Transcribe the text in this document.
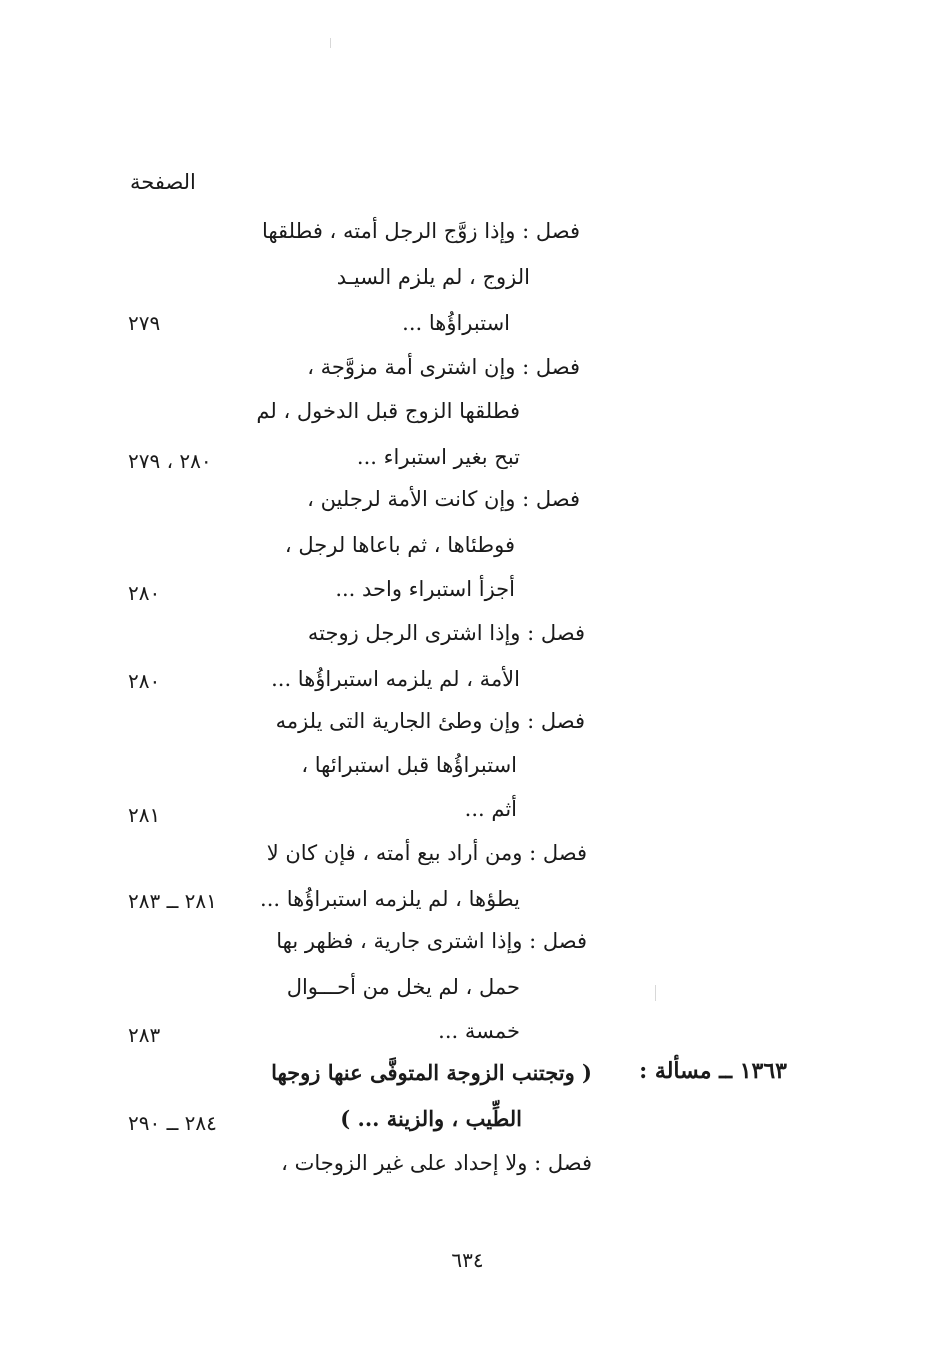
الصفحة
فصل : وإذا زوَّج الرجل أمته ، فطلقها
الزوج ، لم يلزم السيـد
استبراؤُها ...
٢٧٩
فصل : وإن اشترى أمة مزوَّجة ،
فطلقها الزوج قبل الدخول ، لم
تبح بغير استبراء ...
٢٨٠ ، ٢٧٩
فصل : وإن كانت الأمة لرجلين ،
فوطئاها ، ثم باعاها لرجل ،
أجزأ استبراء واحد ...
٢٨٠
فصل : وإذا اشترى الرجل زوجته
الأمة ، لم يلزمه استبراؤُها ...
٢٨٠
فصل : وإن وطئ الجارية التى يلزمه
استبراؤُها قبل استبرائها ،
أثم ...
٢٨١
فصل : ومن أراد بيع أمته ، فإن كان لا
يطؤها ، لم يلزمه استبراؤُها ...
٢٨١ ــ ٢٨٣
فصل : وإذا اشترى جارية ، فظهر بها
حمل ، لم يخل من أحـــوال
خمسة ...
٢٨٣
١٣٦٣ ــ مسألة :
( وتجتنب الزوجة المتوفَّى عنها زوجها
الطِّيب ، والزينة ... )
٢٨٤ ــ ٢٩٠
فصل : ولا إحداد على غير الزوجات ،
٦٣٤
